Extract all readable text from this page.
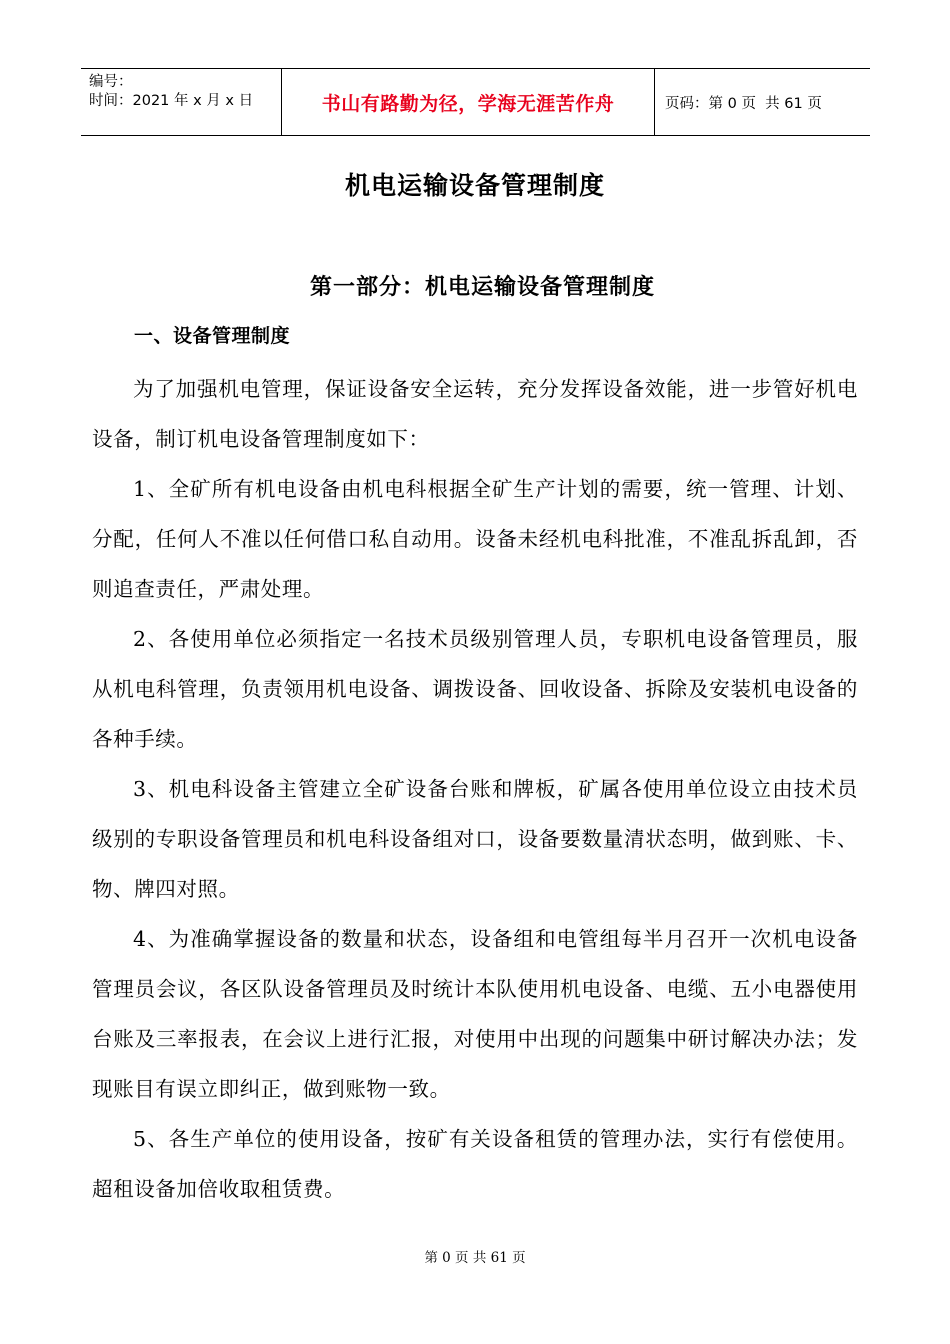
编号：
时间：2021 年 x 月 x 日	书山有路勤为径，学海无涯苦作舟	页码：第 0 页  共 61 页
机电运输设备管理制度
第一部分：机电运输设备管理制度
一、设备管理制度

为了加强机电管理，保证设备安全运转，充分发挥设备效能，进一步管好机电设备，制订机电设备管理制度如下：

1、全矿所有机电设备由机电科根据全矿生产计划的需要，统一管理、计划、分配，任何人不准以任何借口私自动用。设备未经机电科批准，不准乱拆乱卸，否则追查责任，严肃处理。

2、各使用单位必须指定一名技术员级别管理人员，专职机电设备管理员，服从机电科管理，负责领用机电设备、调拨设备、回收设备、拆除及安装机电设备的各种手续。

3、机电科设备主管建立全矿设备台账和牌板，矿属各使用单位设立由技术员级别的专职设备管理员和机电科设备组对口，设备要数量清状态明，做到账、卡、物、牌四对照。

4、为准确掌握设备的数量和状态，设备组和电管组每半月召开一次机电设备管理员会议，各区队设备管理员及时统计本队使用机电设备、电缆、五小电器使用台账及三率报表，在会议上进行汇报，对使用中出现的问题集中研讨解决办法；发现账目有误立即纠正，做到账物一致。

5、各生产单位的使用设备，按矿有关设备租赁的管理办法，实行有偿使用。超租设备加倍收取租赁费。

第 0 页 共 61 页
